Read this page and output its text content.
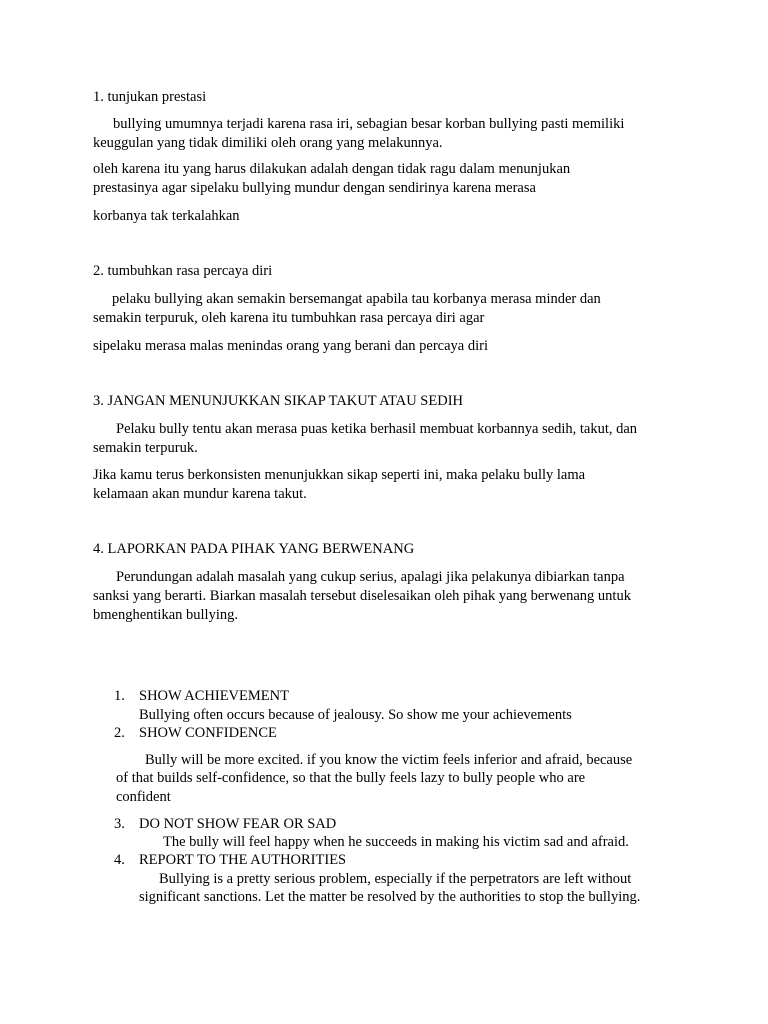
1. tunjukan prestasi

bullying umumnya terjadi karena rasa iri, sebagian besar korban bullying pasti memiliki

keuggulan yang tidak dimiliki oleh orang yang melakunnya.

oleh karena itu yang harus dilakukan adalah dengan tidak ragu dalam menunjukan

prestasinya agar sipelaku bullying mundur dengan sendirinya karena merasa

korbanya tak terkalahkan

2. tumbuhkan rasa percaya diri

pelaku bullying akan semakin bersemangat apabila tau korbanya merasa minder dan

semakin terpuruk, oleh karena itu tumbuhkan rasa percaya diri agar

sipelaku merasa malas menindas orang yang berani dan percaya diri

3. JANGAN MENUNJUKKAN SIKAP TAKUT ATAU SEDIH

Pelaku bully tentu akan merasa puas ketika berhasil membuat korbannya sedih, takut, dan

semakin terpuruk.

Jika kamu terus berkonsisten menunjukkan sikap seperti ini, maka pelaku bully lama

kelamaan akan mundur karena takut.

4. LAPORKAN PADA PIHAK YANG BERWENANG

Perundungan adalah masalah yang cukup serius, apalagi jika pelakunya dibiarkan tanpa

sanksi yang berarti. Biarkan masalah tersebut diselesaikan oleh pihak yang berwenang untuk

bmenghentikan bullying.

1. SHOW ACHIEVEMENT

Bullying often occurs because of jealousy. So show me your achievements

2. SHOW CONFIDENCE

Bully will be more excited. if you know the victim feels inferior and afraid, because

of that builds self-confidence, so that the bully feels lazy to bully people who are

confident

3. DO NOT SHOW FEAR OR SAD

The bully will feel happy when he succeeds in making his victim sad and afraid.

4. REPORT TO THE AUTHORITIES

Bullying is a pretty serious problem, especially if the perpetrators are left without

significant sanctions. Let the matter be resolved by the authorities to stop the bullying.
